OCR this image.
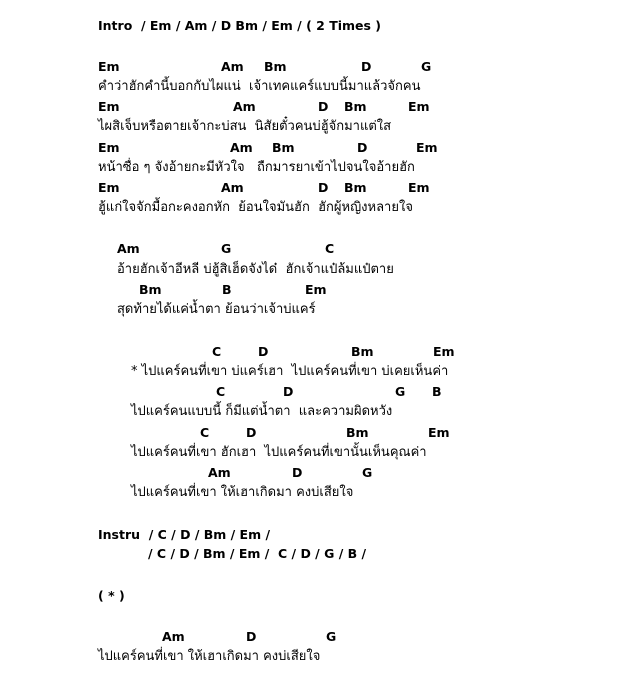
Intro  / Em / Am / D Bm / Em / ( 2 Times )
Em	Am Bm	D	G
คำว่าฮักคำนี้บอกกับไผแน่  เจ้าเทคแคร์แบบนี้มาแล้วจักคน
Em	Am	D Bm	Em
ไผสิเจ็บหรือตายเจ้ากะบ่สน  นิสัยตั๋วคนบ่ฮู้จักมาแต่ใส
Em	Am Bm	D	Em
หน้าซื่อ ๆ จังอ้ายกะมีหัวใจ   ถืกมารยาเข้าไปจนใจอ้ายฮัก
Em	Am	D Bm	Em
ฮู้แก่ใจจักมื้อกะคงอกหัก  ย้อนใจมันฮัก  ฮักผู้หญิงหลายใจ
Am	G	C
อ้ายฮักเจ้าอีหลี บ่ฮู้สิเฮ็ดจังได๋  ฮักเจ้าแป๋ล้มแป๋ตาย
Bm	B	Em
สุดท้ายได้แค่น้ำตา ย้อนว่าเจ้าบ่แคร์
C	D	Bm	Em
* ไปแคร์คนที่เขา บ่แคร์เฮา  ไปแคร์คนที่เขา บ่เคยเห็นค่า
C	D	G B
ไปแคร์คนแบบนี้ ก็มีแต่น้ำตา  และความผิดหวัง
C	D	Bm	Em
ไปแคร์คนที่เขา ฮักเฮา  ไปแคร์คนที่เขานั้นเห็นคุณค่า
Am	D	G
ไปแคร์คนที่เขา ให้เฮาเกิดมา คงบ่เสียใจ
Instru  / C / D / Bm / Em /
/ C / D / Bm / Em /  C / D / G / B /
( * )
Am	D	G
ไปแคร์คนที่เขา ให้เฮาเกิดมา คงบ่เสียใจ
